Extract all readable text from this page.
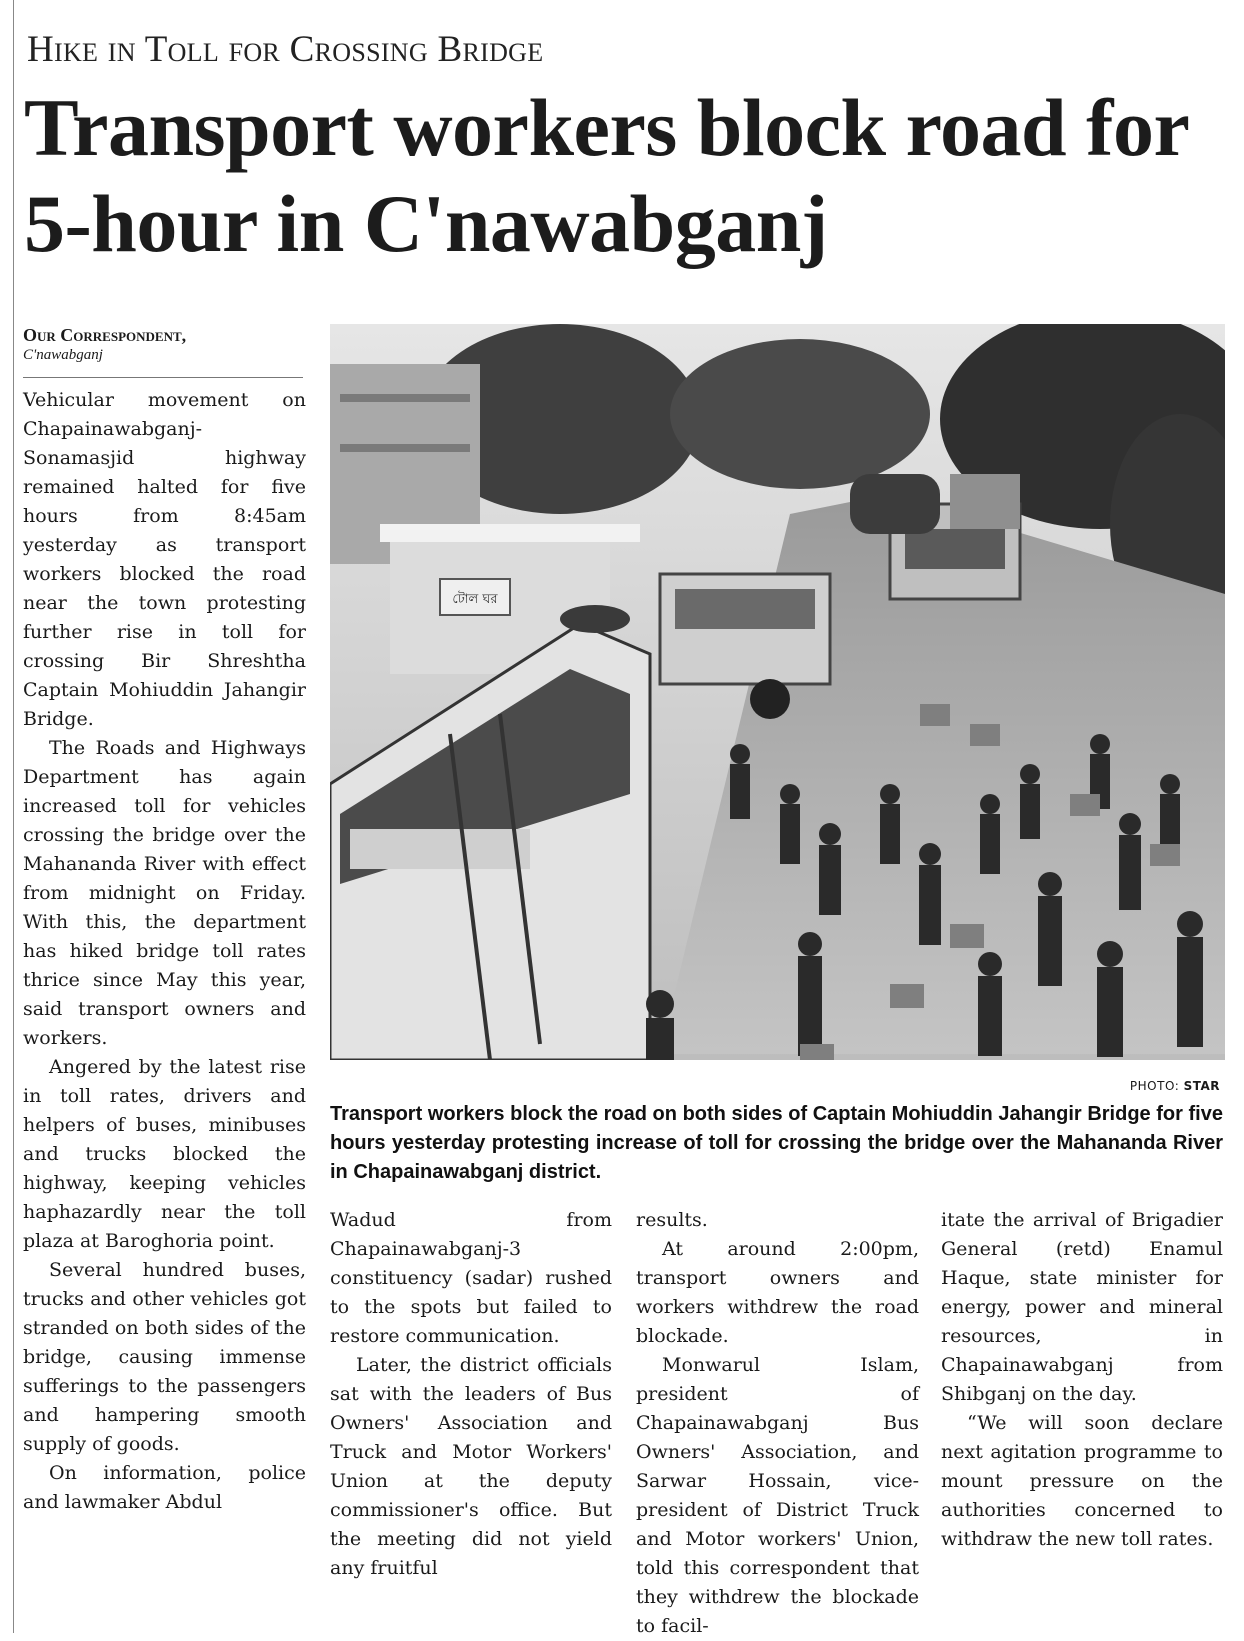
Hike in Toll for Crossing Bridge
Transport workers block road for 5-hour in C'nawabganj
Our Correspondent,
C'nawabganj

Vehicular movement on Chapainawabganj-Sonamasjid highway remained halted for five hours from 8:45am yesterday as transport workers blocked the road near the town protesting further rise in toll for crossing Bir Shreshtha Captain Mohiuddin Jahangir Bridge.

The Roads and Highways Department has again increased toll for vehicles crossing the bridge over the Mahananda River with effect from midnight on Friday. With this, the department has hiked bridge toll rates thrice since May this year, said transport owners and workers.

Angered by the latest rise in toll rates, drivers and helpers of buses, minibuses and trucks blocked the highway, keeping vehicles haphazardly near the toll plaza at Baroghoria point.

Several hundred buses, trucks and other vehicles got stranded on both sides of the bridge, causing immense sufferings to the passengers and hampering smooth supply of goods.

On information, police and lawmaker Abdul

টোল ঘর
PHOTO: STAR
Transport workers block the road on both sides of Captain Mohiuddin Jahangir Bridge for five hours yesterday protesting increase of toll for crossing the bridge over the Mahananda River in Chapainawabganj district.

Wadud from Chapainawabganj-3 constituency (sadar) rushed to the spots but failed to restore communication.

Later, the district officials sat with the leaders of Bus Owners' Association and Truck and Motor Workers' Union at the deputy commissioner's office. But the meeting did not yield any fruitful

results.

At around 2:00pm, transport owners and workers withdrew the road blockade.

Monwarul Islam, president of Chapainawabganj Bus Owners' Association, and Sarwar Hossain, vice-president of District Truck and Motor workers' Union, told this correspondent that they withdrew the blockade to facil-

itate the arrival of Brigadier General (retd) Enamul Haque, state minister for energy, power and mineral resources, in Chapainawabganj from Shibganj on the day.

“We will soon declare next agitation programme to mount pressure on the authorities concerned to withdraw the new toll rates.
